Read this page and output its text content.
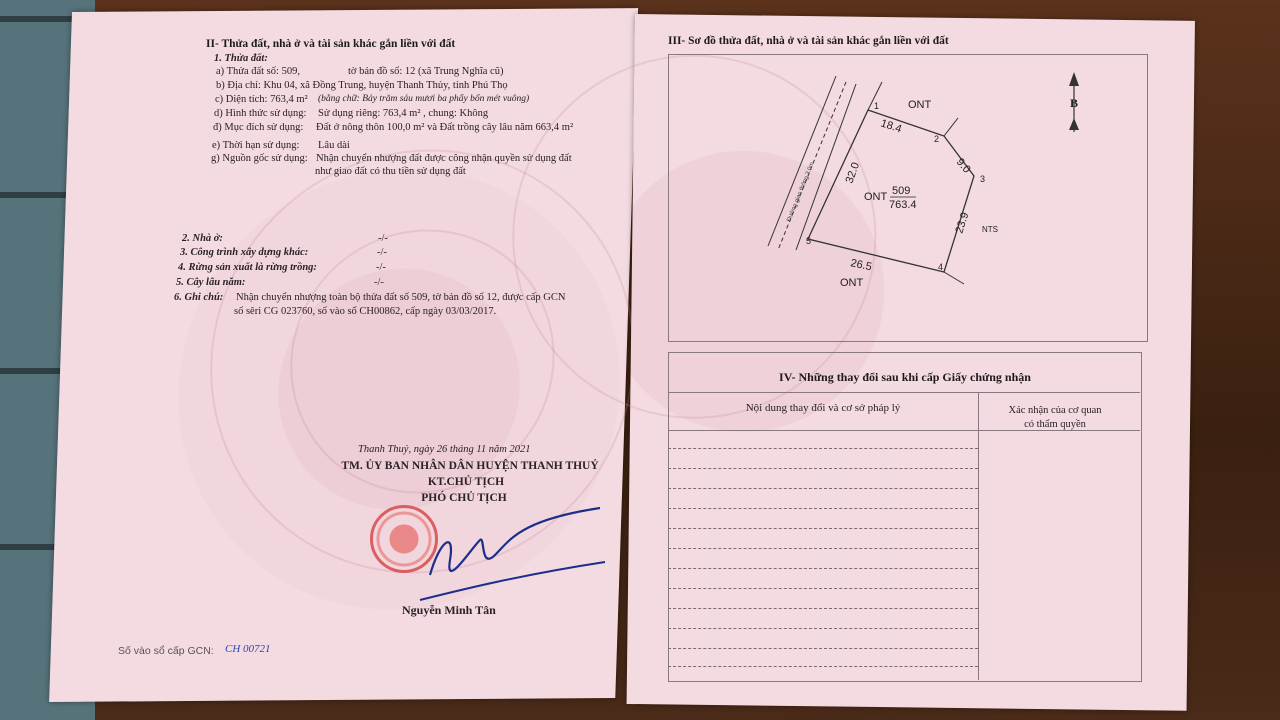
II- Thửa đất, nhà ở và tài sản khác gắn liền với đất
1. Thửa đất:
a) Thửa đất số: 509,	tờ bản đồ số: 12 (xã Trung Nghĩa cũ)
b) Địa chỉ: Khu 04, xã Đồng Trung, huyện Thanh Thủy, tỉnh Phú Thọ
c) Diện tích: 763,4 m² (bằng chữ: Bảy trăm sáu mươi ba phẩy bốn mét vuông)
d) Hình thức sử dụng: Sử dụng riêng: 763,4 m² , chung: Không
đ) Mục đích sử dụng: Đất ở nông thôn 100,0 m² và Đất trồng cây lâu năm 663,4 m²
e) Thời hạn sử dụng: Lâu dài
g) Nguồn gốc sử dụng: Nhận chuyển nhượng đất được công nhận quyền sử dụng đất
như giao đất có thu tiền sử dụng đất
2. Nhà ở:	-/-
3. Công trình xây dựng khác:	-/-
4. Rừng sản xuất là rừng trồng:	-/-
5. Cây lâu năm:	-/-
6. Ghi chú: Nhận chuyển nhượng toàn bộ thửa đất số 509, tờ bản đồ số 12, được cấp GCN
số sêri CG 023760, số vào sổ CH00862, cấp ngày 03/03/2017.
Thanh Thuỷ, ngày 26 tháng 11 năm 2021
TM. ỦY BAN NHÂN DÂN HUYỆN THANH THUỶ
KT.CHỦ TỊCH
PHÓ CHỦ TỊCH
Nguyễn Minh Tân
Số vào sổ cấp GCN: CH 00721
III- Sơ đồ thửa đất, nhà ở và tài sản khác gắn liền với đất
B
1
2
3
4
5
18.4
9.0
23.9
26.5
32.0
Đường giao thông 3.0m	ONT 509
763.4
ONT
ONT
NTS
IV- Những thay đổi sau khi cấp Giấy chứng nhận
Nội dung thay đổi và cơ sở pháp lý	Xác nhận của cơ quan
có thẩm quyền
